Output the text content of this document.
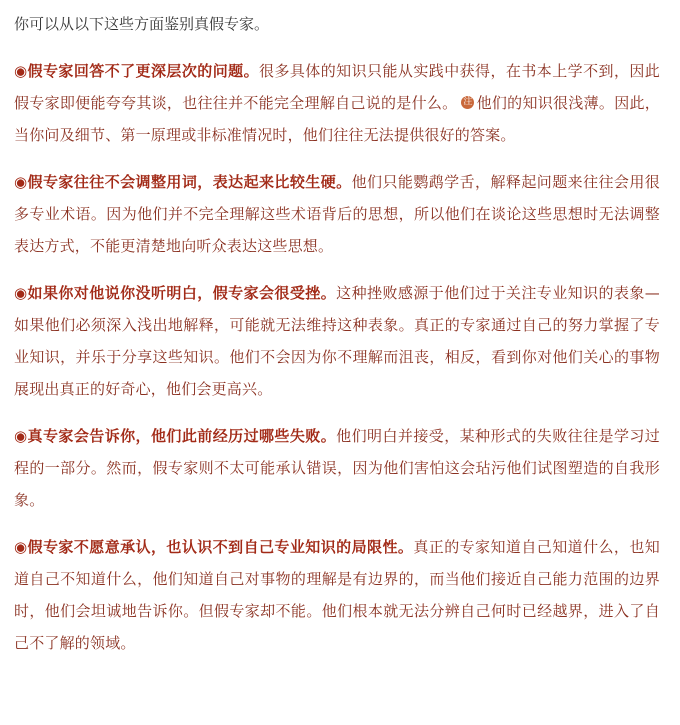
你可以从以下这些方面鉴别真假专家。

◉假专家回答不了更深层次的问题。很多具体的知识只能从实践中获得，在书本上学不到，因此假专家即便能夸夸其谈，也往往并不能完全理解自己说的是什么。 注 他们的知识很浅薄。因此，当你问及细节、第一原理或非标准情况时，他们往往无法提供很好的答案。

◉假专家往往不会调整用词，表达起来比较生硬。他们只能鹦鹉学舌，解释起问题来往往会用很多专业术语。因为他们并不完全理解这些术语背后的思想，所以他们在谈论这些思想时无法调整表达方式，不能更清楚地向听众表达这些思想。

◉如果你对他说你没听明白，假专家会很受挫。这种挫败感源于他们过于关注专业知识的表象—　如果他们必须深入浅出地解释，可能就无法维持这种表象。真正的专家通过自己的努力掌握了专业知识，并乐于分享这些知识。他们不会因为你不理解而沮丧，相反，看到你对他们关心的事物展现出真正的好奇心，他们会更高兴。

◉真专家会告诉你，他们此前经历过哪些失败。他们明白并接受，某种形式的失败往往是学习过程的一部分。然而，假专家则不太可能承认错误，因为他们害怕这会玷污他们试图塑造的自我形象。

◉假专家不愿意承认，也认识不到自己专业知识的局限性。真正的专家知道自己知道什么，也知道自己不知道什么，他们知道自己对事物的理解是有边界的，而当他们接近自己能力范围的边界时，他们会坦诚地告诉你。但假专家却不能。他们根本就无法分辨自己何时已经越界，进入了自己不了解的领域。
